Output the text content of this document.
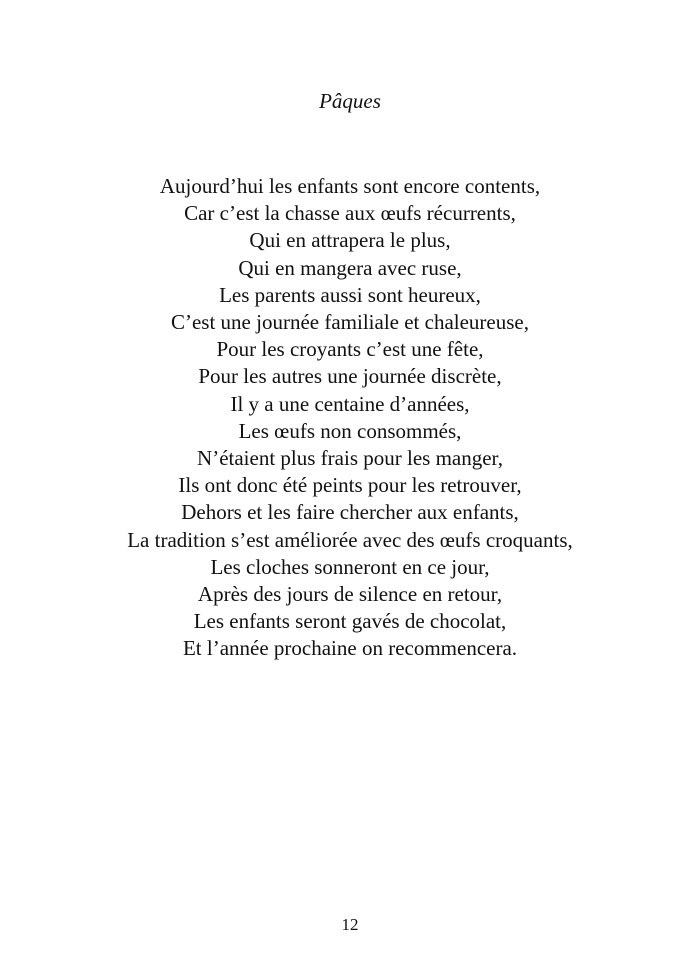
Pâques
Aujourd’hui les enfants sont encore contents,
Car c’est la chasse aux œufs récurrents,
Qui en attrapera le plus,
Qui en mangera avec ruse,
Les parents aussi sont heureux,
C’est une journée familiale et chaleureuse,
Pour les croyants c’est une fête,
Pour les autres une journée discrète,
Il y a une centaine d’années,
Les œufs non consommés,
N’étaient plus frais pour les manger,
Ils ont donc été peints pour les retrouver,
Dehors et les faire chercher aux enfants,
La tradition s’est améliorée avec des œufs croquants,
Les cloches sonneront en ce jour,
Après des jours de silence en retour,
Les enfants seront gavés de chocolat,
Et l’année prochaine on recommencera.
12
